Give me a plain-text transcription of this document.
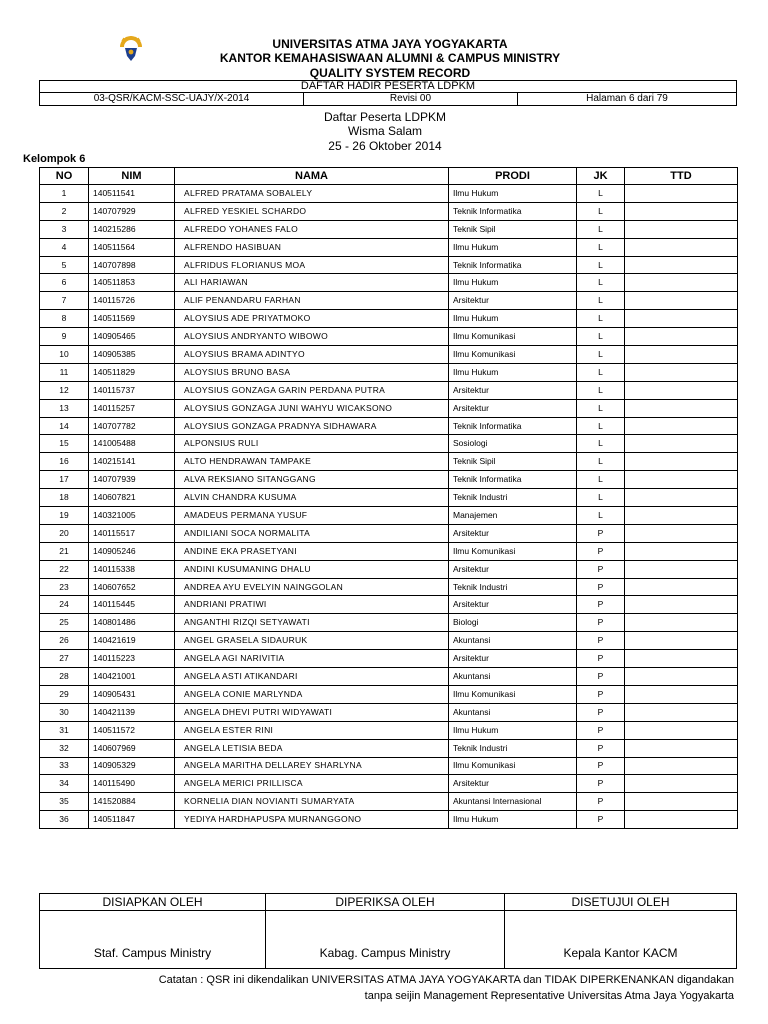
UNIVERSITAS ATMA JAYA YOGYAKARTA
KANTOR KEMAHASISWAAN ALUMNI & CAMPUS MINISTRY
QUALITY SYSTEM RECORD
DAFTAR HADIR PESERTA LDPKM
03-QSR/KACM-SSC-UAJY/X-2014	Revisi 00	Halaman 6 dari 79
Daftar Peserta LDPKM
Wisma Salam
25 - 26 Oktober 2014
Kelompok 6
NO	NIM	NAMA	PRODI	JK	TTD
1	140511541	ALFRED PRATAMA SOBALELY	Ilmu Hukum	L	
2	140707929	ALFRED YESKIEL SCHARDO	Teknik Informatika	L	
3	140215286	ALFREDO YOHANES FALO	Teknik Sipil	L	
4	140511564	ALFRENDO HASIBUAN	Ilmu Hukum	L	
5	140707898	ALFRIDUS FLORIANUS MOA	Teknik Informatika	L	
6	140511853	ALI HARIAWAN	Ilmu Hukum	L	
7	140115726	ALIF PENANDARU FARHAN	Arsitektur	L	
8	140511569	ALOYSIUS ADE PRIYATMOKO	Ilmu Hukum	L	
9	140905465	ALOYSIUS ANDRYANTO WIBOWO	Ilmu Komunikasi	L	
10	140905385	ALOYSIUS BRAMA ADINTYO	Ilmu Komunikasi	L	
11	140511829	ALOYSIUS BRUNO BASA	Ilmu Hukum	L	
12	140115737	ALOYSIUS GONZAGA GARIN PERDANA PUTRA	Arsitektur	L	
13	140115257	ALOYSIUS GONZAGA JUNI WAHYU WICAKSONO	Arsitektur	L	
14	140707782	ALOYSIUS GONZAGA PRADNYA SIDHAWARA	Teknik Informatika	L	
15	141005488	ALPONSIUS RULI	Sosiologi	L	
16	140215141	ALTO HENDRAWAN TAMPAKE	Teknik Sipil	L	
17	140707939	ALVA REKSIANO SITANGGANG	Teknik Informatika	L	
18	140607821	ALVIN CHANDRA KUSUMA	Teknik Industri	L	
19	140321005	AMADEUS PERMANA YUSUF	Manajemen	L	
20	140115517	ANDILIANI SOCA NORMALITA	Arsitektur	P	
21	140905246	ANDINE EKA PRASETYANI	Ilmu Komunikasi	P	
22	140115338	ANDINI KUSUMANING DHALU	Arsitektur	P	
23	140607652	ANDREA AYU EVELYIN NAINGGOLAN	Teknik Industri	P	
24	140115445	ANDRIANI PRATIWI	Arsitektur	P	
25	140801486	ANGANTHI RIZQI SETYAWATI	Biologi	P	
26	140421619	ANGEL GRASELA SIDAURUK	Akuntansi	P	
27	140115223	ANGELA AGI NARIVITIA	Arsitektur	P	
28	140421001	ANGELA ASTI ATIKANDARI	Akuntansi	P	
29	140905431	ANGELA CONIE MARLYNDA	Ilmu Komunikasi	P	
30	140421139	ANGELA DHEVI PUTRI WIDYAWATI	Akuntansi	P	
31	140511572	ANGELA ESTER RINI	Ilmu Hukum	P	
32	140607969	ANGELA LETISIA BEDA	Teknik Industri	P	
33	140905329	ANGELA MARITHA DELLAREY SHARLYNA	Ilmu Komunikasi	P	
34	140115490	ANGELA MERICI PRILLISCA	Arsitektur	P	
35	141520884	KORNELIA DIAN NOVIANTI SUMARYATA	Akuntansi Internasional	P	
36	140511847	YEDIYA HARDHAPUSPA MURNANGGONO	Ilmu Hukum	P	
DISIAPKAN OLEH
Staf. Campus Ministry
DIPERIKSA OLEH
Kabag. Campus Ministry
DISETUJUI OLEH
Kepala Kantor KACM
Catatan : QSR ini dikendalikan UNIVERSITAS ATMA JAYA YOGYAKARTA dan TIDAK DIPERKENANKAN digandakan
tanpa seijin Management Representative Universitas Atma Jaya Yogyakarta
